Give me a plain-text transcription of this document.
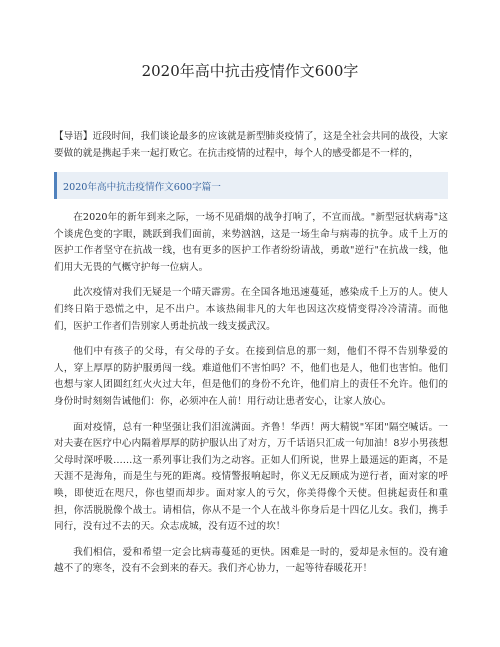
2020年高中抗击疫情作文600字

【导语】近段时间，我们谈论最多的应该就是新型肺炎疫情了，这是全社会共同的战役，大家要做的就是携起手来一起打败它。在抗击疫情的过程中，每个人的感受都是不一样的，

2020年高中抗击疫情作文600字篇一

在2020年的新年到来之际，一场不见硝烟的战争打响了，不宣而战。"新型冠状病毒"这个谈虎色变的字眼，跳跃到我们面前，来势汹汹，这是一场生命与病毒的抗争。成千上万的医护工作者坚守在抗战一线，也有更多的医护工作者纷纷请战，勇敢"逆行"在抗战一线，他们用大无畏的气概守护每一位病人。

此次疫情对我们无疑是一个晴天霹雳。在全国各地迅速蔓延，感染成千上万的人。使人们终日陷于恐慌之中，足不出户。本该热闹非凡的大年也因这次疫情变得冷冷清清。而他们，医护工作者们告别家人勇赴抗战一线支援武汉。

他们中有孩子的父母，有父母的子女。在接到信息的那一刻，他们不得不告别挚爱的人，穿上厚厚的防护服勇闯一线。难道他们不害怕吗？不，他们也是人，他们也害怕。他们也想与家人团圆红红火火过大年，但是他们的身份不允许，他们肩上的责任不允许。他们的身份时时刻刻告诫他们：你，必须冲在人前！用行动让患者安心，让家人放心。

面对疫情，总有一种坚强让我们泪流满面。齐鲁！华西！两大精锐"军团"隔空喊话。一对夫妻在医疗中心内隔着厚厚的防护服认出了对方，万千话语只汇成一句加油！8岁小男孩想父母时深呼吸……这一系列事让我们为之动容。正如人们所说，世界上最遥远的距离，不是天涯不是海角，而是生与死的距离。疫情警报响起时，你义无反顾成为逆行者，面对家的呼唤，即使近在咫尺，你也望而却步。面对家人的亏欠，你美得像个天使。但挑起责任和重担，你活脱脱像个战士。请相信，你从不是一个人在战斗你身后是十四亿儿女。我们，携手同行，没有过不去的天。众志成城，没有迈不过的坎！

我们相信，爱和希望一定会比病毒蔓延的更快。困难是一时的，爱却是永恒的。没有逾越不了的寒冬，没有不会到来的春天。我们齐心协力，一起等待春暖花开！
